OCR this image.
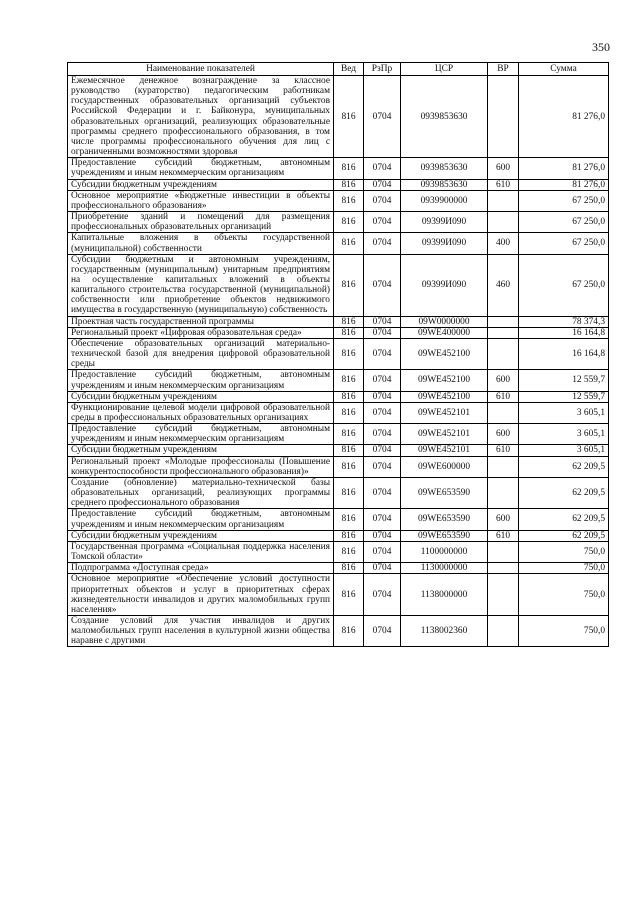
350
Наименование показателей	Вед	РзПр	ЦСР	ВР	Сумма
Ежемесячное денежное вознаграждение за классное руководство (кураторство) педагогическим работникам государственных образовательных организаций субъектов Российской Федерации и г. Байконура, муниципальных образовательных организаций, реализующих образовательные программы среднего профессионального образования, в том числе программы профессионального обучения для лиц с ограниченными возможностями здоровья	816	0704	0939853630		81 276,0
Предоставление субсидий бюджетным, автономным учреждениям и иным некоммерческим организациям	816	0704	0939853630	600	81 276,0
Субсидии бюджетным учреждениям	816	0704	0939853630	610	81 276,0
Основное мероприятие «Бюджетные инвестиции в объекты профессионального образования»	816	0704	0939900000		67 250,0
Приобретение зданий и помещений для размещения профессиональных образовательных организаций	816	0704	09399И090		67 250,0
Капитальные вложения в объекты государственной (муниципальной) собственности	816	0704	09399И090	400	67 250,0
Субсидии бюджетным и автономным учреждениям, государственным (муниципальным) унитарным предприятиям на осуществление капитальных вложений в объекты капитального строительства государственной (муниципальной) собственности или приобретение объектов недвижимого имущества в государственную (муниципальную) собственность	816	0704	09399И090	460	67 250,0
Проектная часть государственной программы	816	0704	09W0000000		78 374,3
Региональный проект «Цифровая образовательная среда»	816	0704	09WE400000		16 164,8
Обеспечение образовательных организаций материально-технической базой для внедрения цифровой образовательной среды	816	0704	09WE452100		16 164,8
Предоставление субсидий бюджетным, автономным учреждениям и иным некоммерческим организациям	816	0704	09WE452100	600	12 559,7
Субсидии бюджетным учреждениям	816	0704	09WE452100	610	12 559,7
Функционирование целевой модели цифровой образовательной среды в профессиональных образовательных организациях	816	0704	09WE452101		3 605,1
Предоставление субсидий бюджетным, автономным учреждениям и иным некоммерческим организациям	816	0704	09WE452101	600	3 605,1
Субсидии бюджетным учреждениям	816	0704	09WE452101	610	3 605,1
Региональный проект «Молодые профессионалы (Повышение конкурентоспособности профессионального образования)»	816	0704	09WE600000		62 209,5
Создание (обновление) материально-технической базы образовательных организаций, реализующих программы среднего профессионального образования	816	0704	09WE653590		62 209,5
Предоставление субсидий бюджетным, автономным учреждениям и иным некоммерческим организациям	816	0704	09WE653590	600	62 209,5
Субсидии бюджетным учреждениям	816	0704	09WE653590	610	62 209,5
Государственная программа «Социальная поддержка населения Томской области»	816	0704	1100000000		750,0
Подпрограмма «Доступная среда»	816	0704	1130000000		750,0
Основное мероприятие «Обеспечение условий доступности приоритетных объектов и услуг в приоритетных сферах жизнедеятельности инвалидов и других маломобильных групп населения»	816	0704	1138000000		750,0
Создание условий для участия инвалидов и других маломобильных групп населения в культурной жизни общества наравне с другими	816	0704	1138002360		750,0
